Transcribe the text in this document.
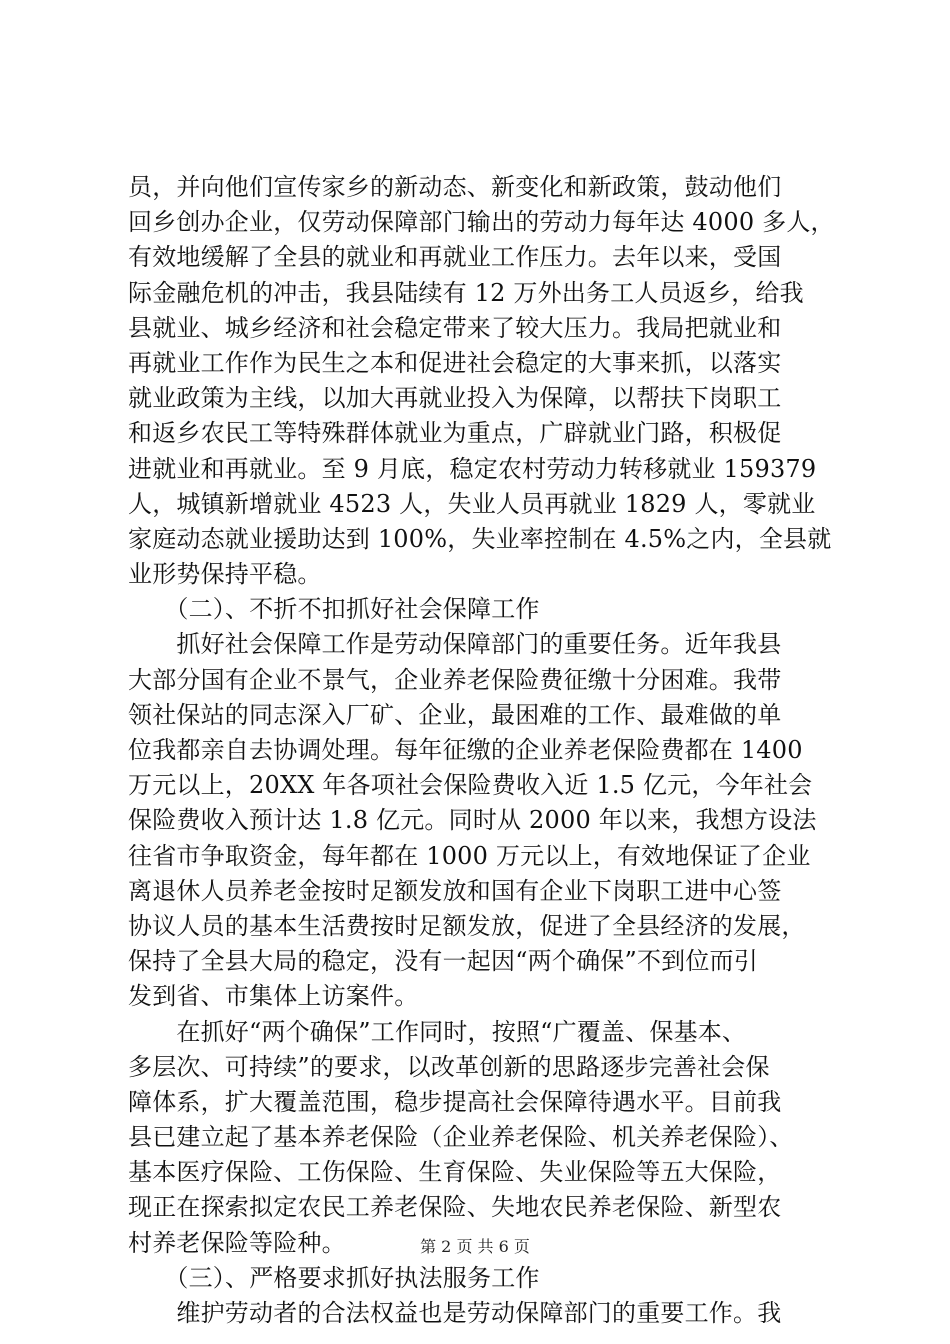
员，并向他们宣传家乡的新动态、新变化和新政策，鼓动他们
回乡创办企业，仅劳动保障部门输出的劳动力每年达 4000 多人，
有效地缓解了全县的就业和再就业工作压力。去年以来，受国
际金融危机的冲击，我县陆续有 12 万外出务工人员返乡，给我
县就业、城乡经济和社会稳定带来了较大压力。我局把就业和
再就业工作作为民生之本和促进社会稳定的大事来抓，以落实
就业政策为主线，以加大再就业投入为保障，以帮扶下岗职工
和返乡农民工等特殊群体就业为重点，广辟就业门路，积极促
进就业和再就业。至 9 月底，稳定农村劳动力转移就业 159379
人，城镇新增就业 4523 人，失业人员再就业 1829 人，零就业
家庭动态就业援助达到 100%，失业率控制在 4.5%之内，全县就
业形势保持平稳。
　　（二）、不折不扣抓好社会保障工作
　　抓好社会保障工作是劳动保障部门的重要任务。近年我县
大部分国有企业不景气，企业养老保险费征缴十分困难。我带
领社保站的同志深入厂矿、企业，最困难的工作、最难做的单
位我都亲自去协调处理。每年征缴的企业养老保险费都在 1400
万元以上，20XX 年各项社会保险费收入近 1.5 亿元，今年社会
保险费收入预计达 1.8 亿元。同时从 2000 年以来，我想方设法
往省市争取资金，每年都在 1000 万元以上，有效地保证了企业
离退休人员养老金按时足额发放和国有企业下岗职工进中心签
协议人员的基本生活费按时足额发放，促进了全县经济的发展，
保持了全县大局的稳定，没有一起因“两个确保”不到位而引
发到省、市集体上访案件。
　　在抓好“两个确保”工作同时，按照“广覆盖、保基本、
多层次、可持续”的要求，以改革创新的思路逐步完善社会保
障体系，扩大覆盖范围，稳步提高社会保障待遇水平。目前我
县已建立起了基本养老保险（企业养老保险、机关养老保险）、
基本医疗保险、工伤保险、生育保险、失业保险等五大保险，
现正在探索拟定农民工养老保险、失地农民养老保险、新型农
村养老保险等险种。
　　（三）、严格要求抓好执法服务工作
　　维护劳动者的合法权益也是劳动保障部门的重要工作。我
第 2 页 共 6 页
